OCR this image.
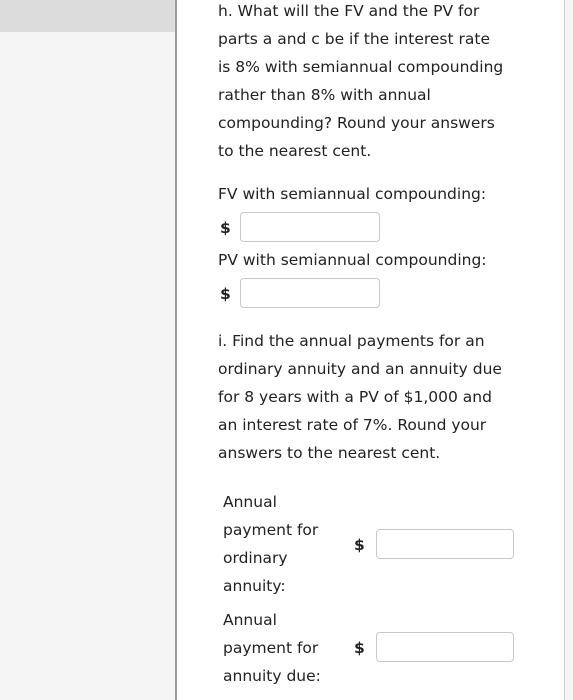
h. What will the FV and the PV for
parts a and c be if the interest rate
is 8% with semiannual compounding
rather than 8% with annual
compounding? Round your answers
to the nearest cent.
FV with semiannual compounding:
$
PV with semiannual compounding:
$
i. Find the annual payments for an
ordinary annuity and an annuity due
for 8 years with a PV of $1,000 and
an interest rate of 7%. Round your
answers to the nearest cent.
Annual
payment for
ordinary
annuity:
$
Annual
payment for
annuity due:
$
